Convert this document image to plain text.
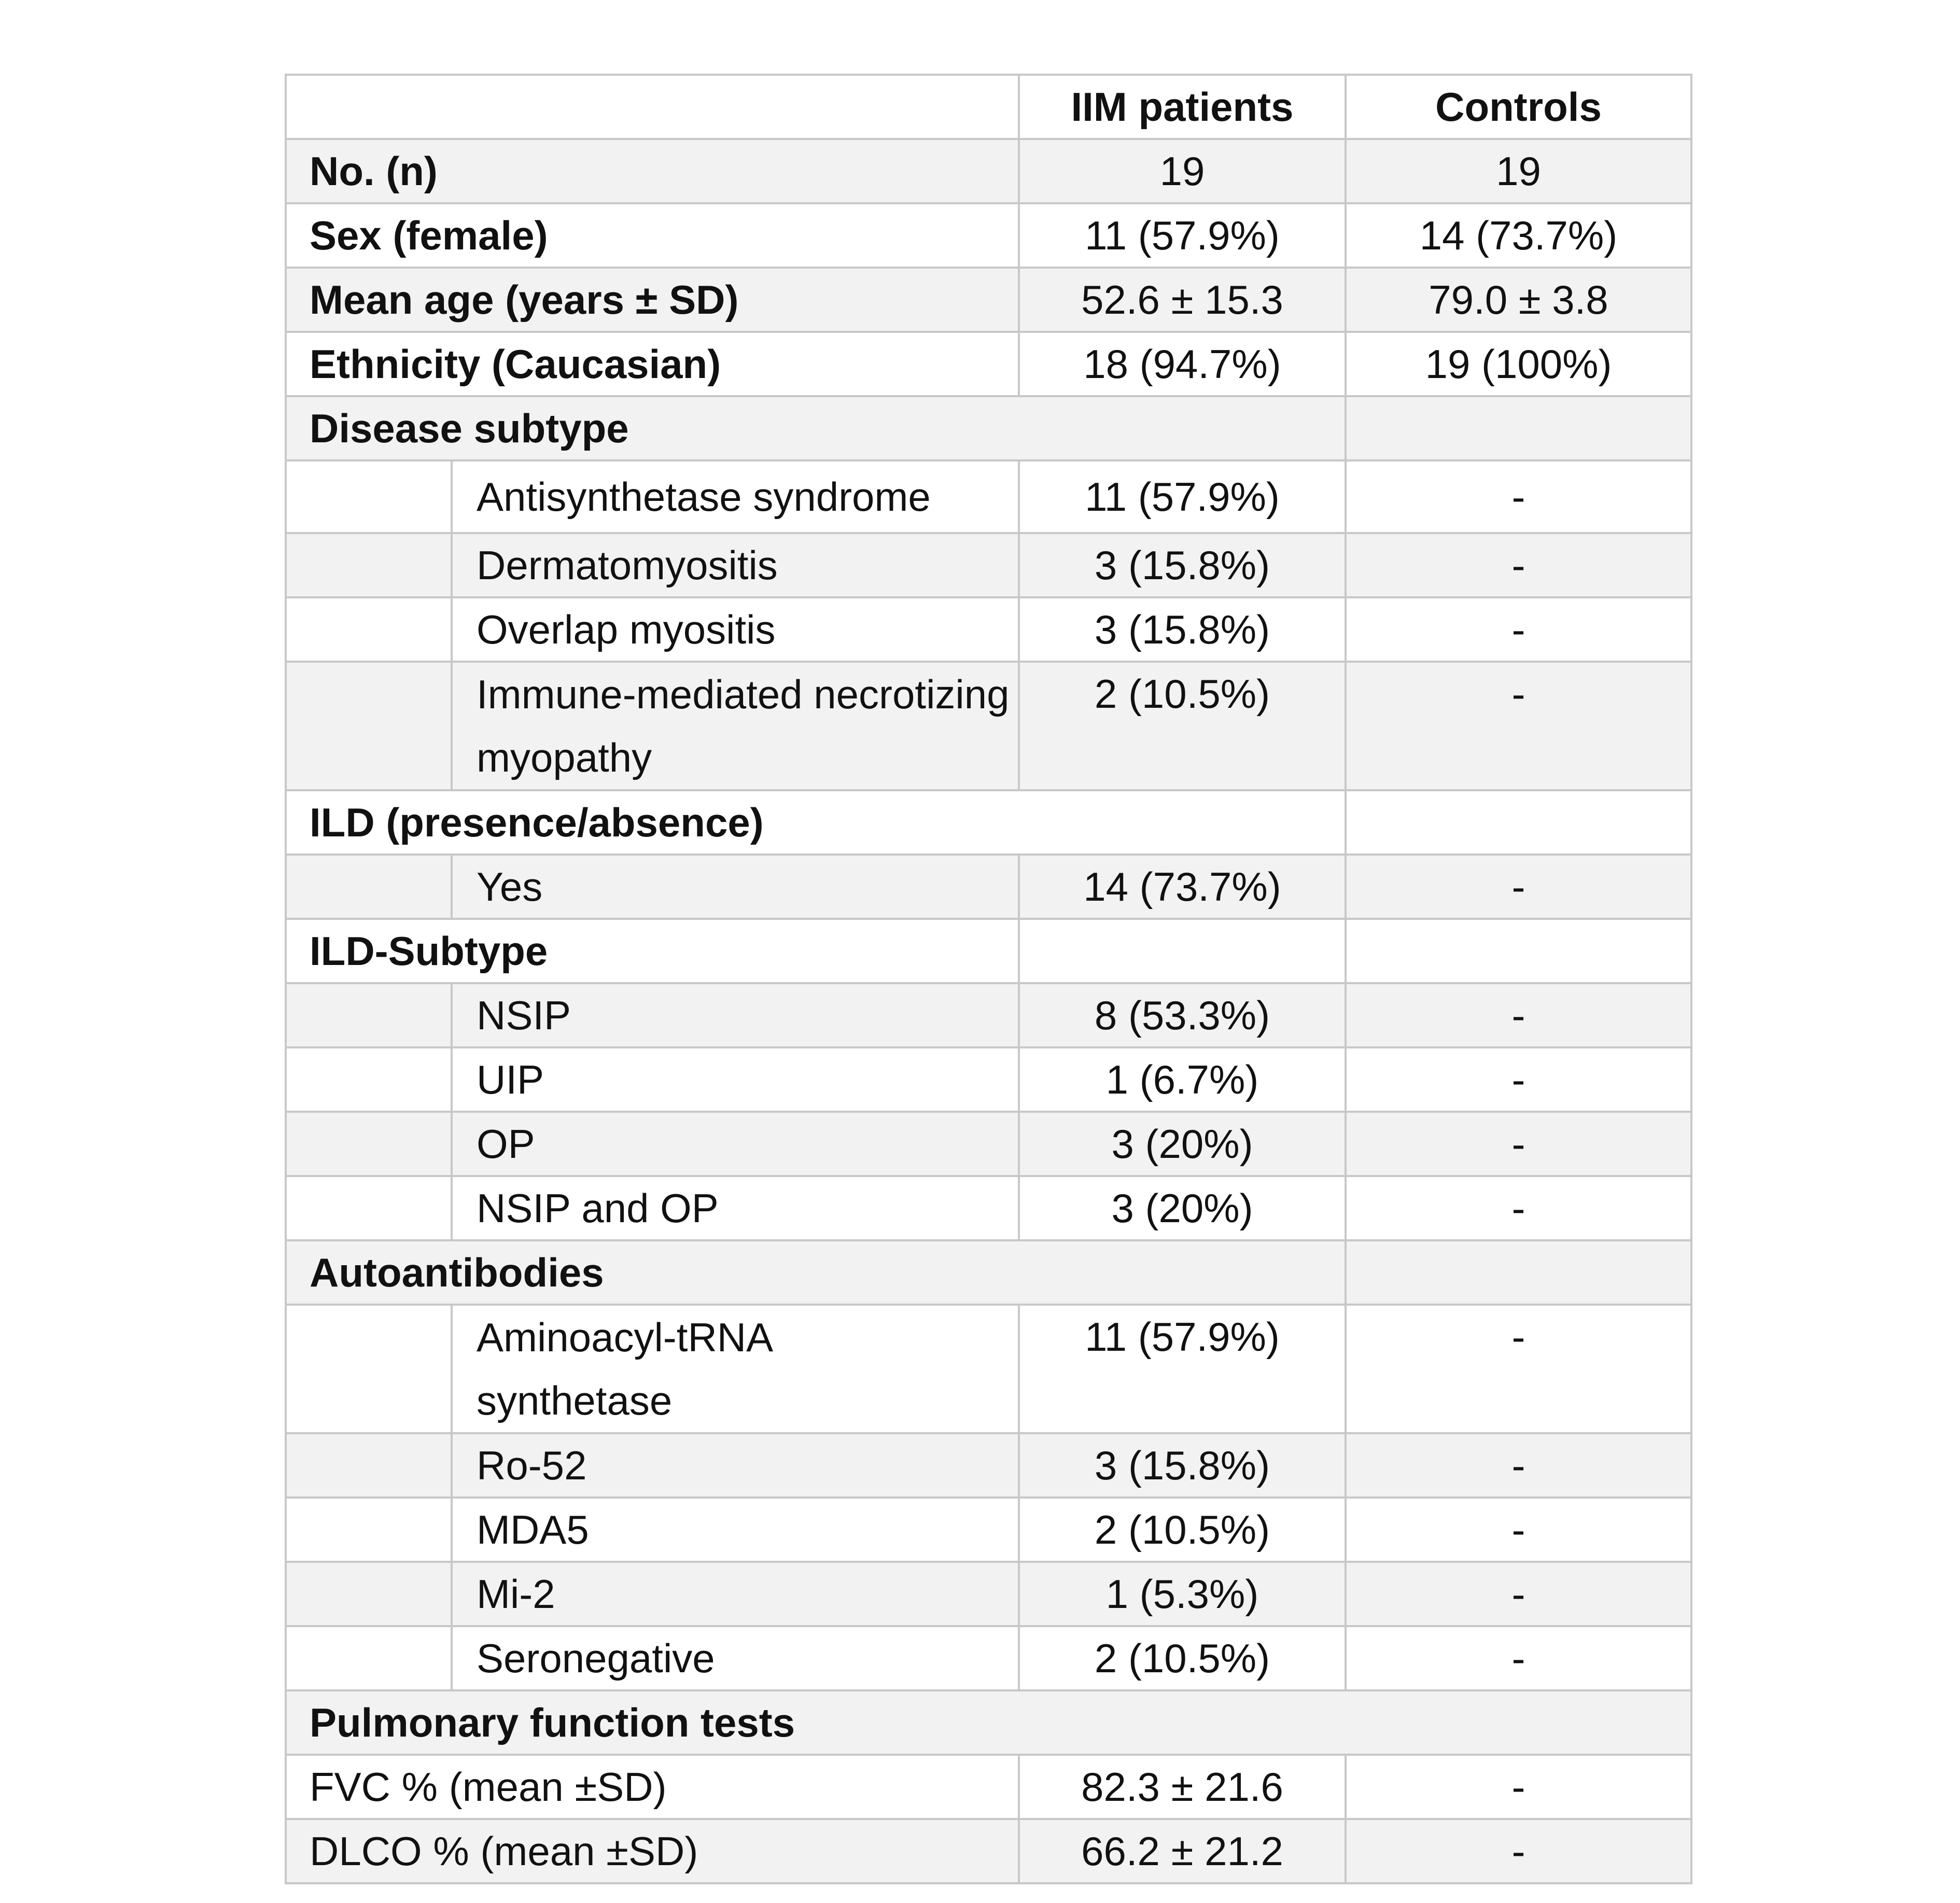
		IIM patients	Controls
No. (n)		19	19
Sex (female)		11 (57.9%)	14 (73.7%)
Mean age (years ± SD)		52.6 ± 15.3	79.0 ± 3.8
Ethnicity (Caucasian)		18 (94.7%)	19 (100%)
Disease subtype			
	Antisynthetase syndrome	11 (57.9%)	-
	Dermatomyositis	3 (15.8%)	-
	Overlap myositis	3 (15.8%)	-
	Immune-mediated necrotizing myopathy	2 (10.5%)	-
ILD (presence/absence)			
	Yes	14 (73.7%)	-
ILD-Subtype			
	NSIP	8 (53.3%)	-
	UIP	1 (6.7%)	-
	OP	3 (20%)	-
	NSIP and OP	3 (20%)	-
Autoantibodies			
	Aminoacyl-tRNA synthetase	11 (57.9%)	-
	Ro-52	3 (15.8%)	-
	MDA5	2 (10.5%)	-
	Mi-2	1 (5.3%)	-
	Seronegative	2 (10.5%)	-
Pulmonary function tests			
FVC % (mean ±SD)		82.3 ± 21.6	-
DLCO % (mean ±SD)		66.2 ± 21.2	-
